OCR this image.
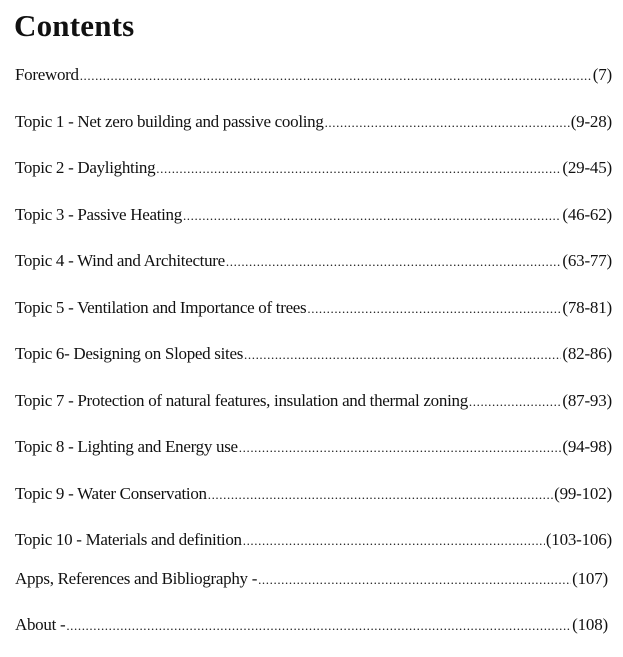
Contents
Foreword .....	(7)
Topic 1 - Net zero building and passive cooling .....	(9-28)
Topic 2 - Daylighting .....	(29-45)
Topic 3 - Passive Heating .....	(46-62)
Topic 4 - Wind and Architecture .....	(63-77)
Topic 5 - Ventilation and Importance of trees .....	(78-81)
Topic 6- Designing on Sloped sites .....	(82-86)
Topic 7 - Protection of natural features, insulation and thermal zoning .....	(87-93)
Topic 8 - Lighting and Energy use .....	(94-98)
Topic 9 - Water Conservation .....	(99-102)
Topic 10 - Materials and definition .....	(103-106)
Apps, References and Bibliography - .....	(107)
About - .....	(108)
